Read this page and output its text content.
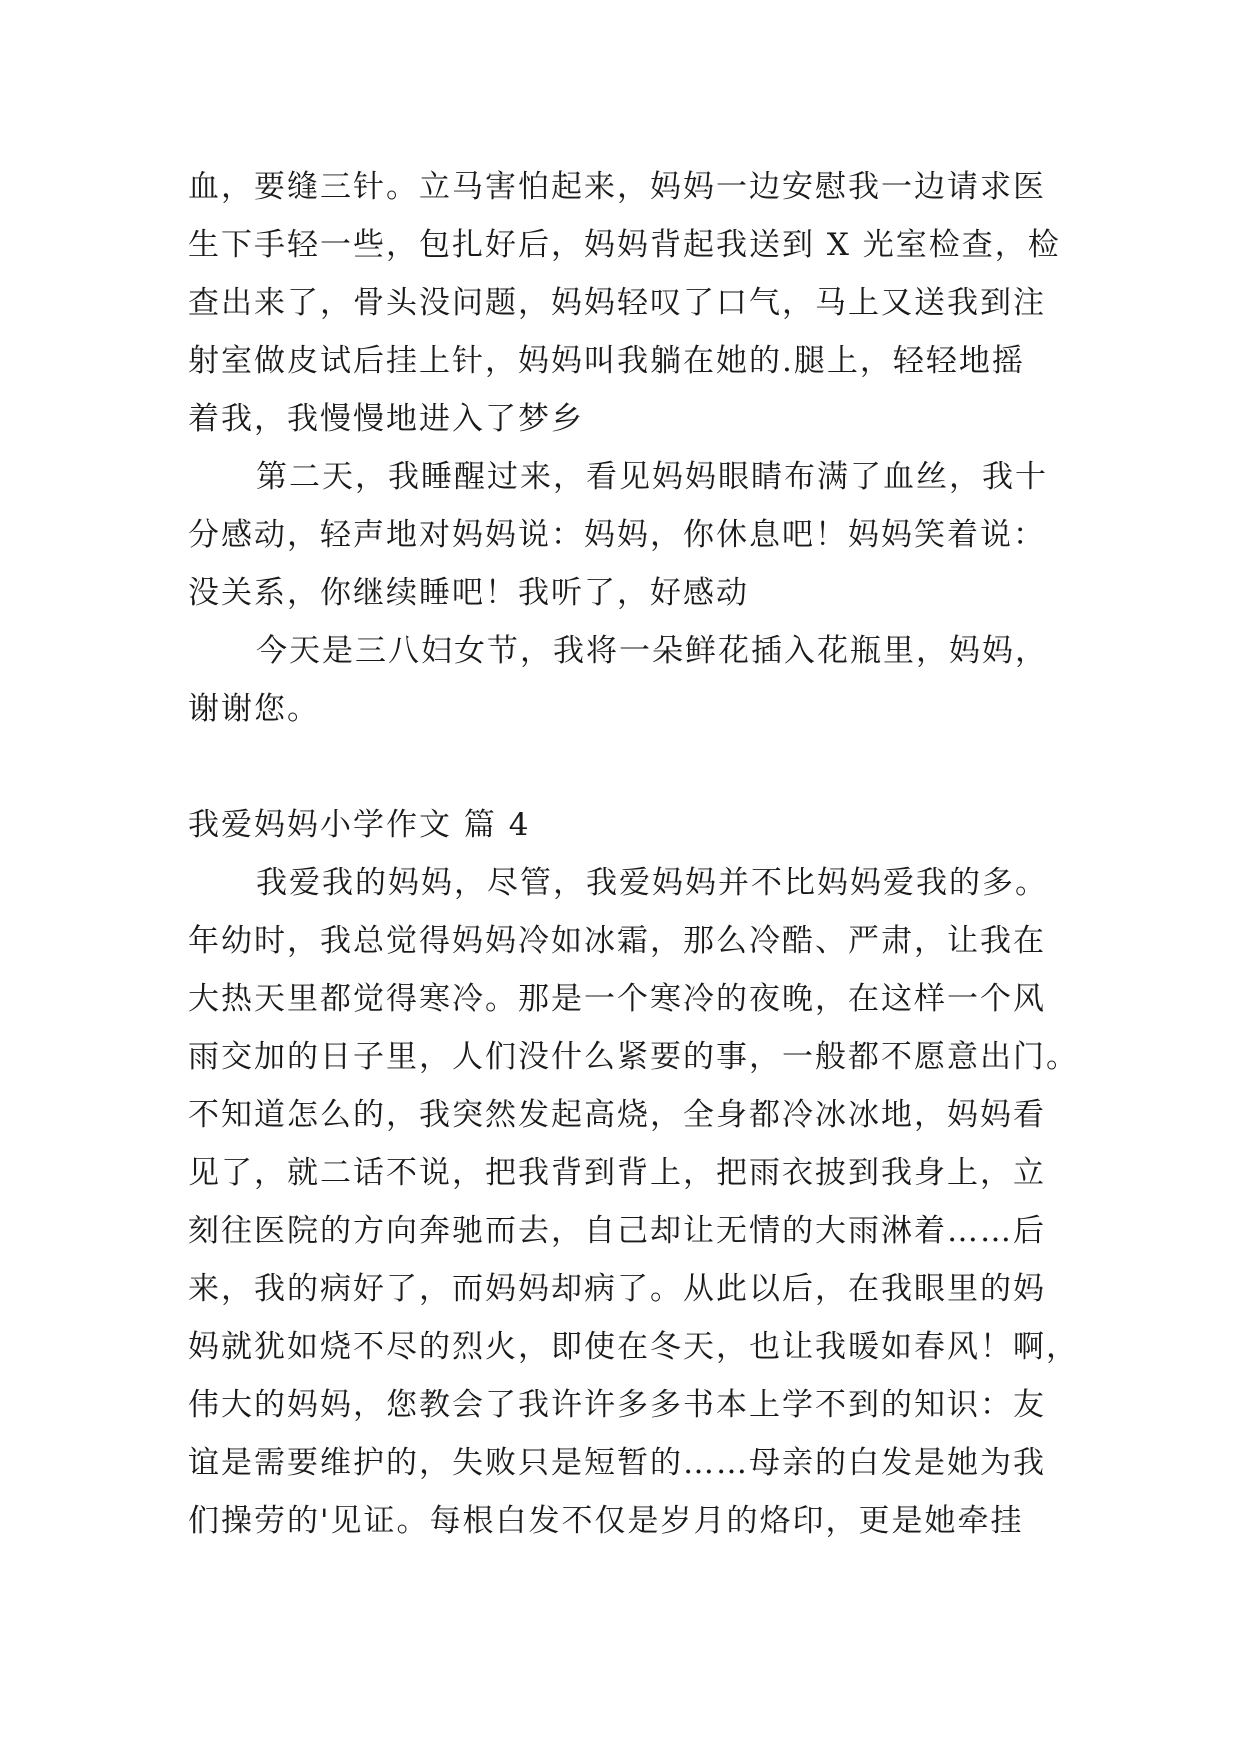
血，要缝三针。立马害怕起来，妈妈一边安慰我一边请求医
生下手轻一些，包扎好后，妈妈背起我送到 X 光室检查，检
查出来了，骨头没问题，妈妈轻叹了口气，马上又送我到注
射室做皮试后挂上针，妈妈叫我躺在她的.腿上，轻轻地摇
着我，我慢慢地进入了梦乡
第二天，我睡醒过来，看见妈妈眼睛布满了血丝，我十
分感动，轻声地对妈妈说：妈妈，你休息吧！妈妈笑着说：
没关系，你继续睡吧！我听了，好感动
今天是三八妇女节，我将一朵鲜花插入花瓶里，妈妈，
谢谢您。
我爱妈妈小学作文 篇 4
我爱我的妈妈，尽管，我爱妈妈并不比妈妈爱我的多。
年幼时，我总觉得妈妈冷如冰霜，那么冷酷、严肃，让我在
大热天里都觉得寒冷。那是一个寒冷的夜晚，在这样一个风
雨交加的日子里，人们没什么紧要的事，一般都不愿意出门。
不知道怎么的，我突然发起高烧，全身都冷冰冰地，妈妈看
见了，就二话不说，把我背到背上，把雨衣披到我身上，立
刻往医院的方向奔驰而去，自己却让无情的大雨淋着……后
来，我的病好了，而妈妈却病了。从此以后，在我眼里的妈
妈就犹如烧不尽的烈火，即使在冬天，也让我暖如春风！啊，
伟大的妈妈，您教会了我许许多多书本上学不到的知识：友
谊是需要维护的，失败只是短暂的……母亲的白发是她为我
们操劳的'见证。每根白发不仅是岁月的烙印，更是她牵挂
